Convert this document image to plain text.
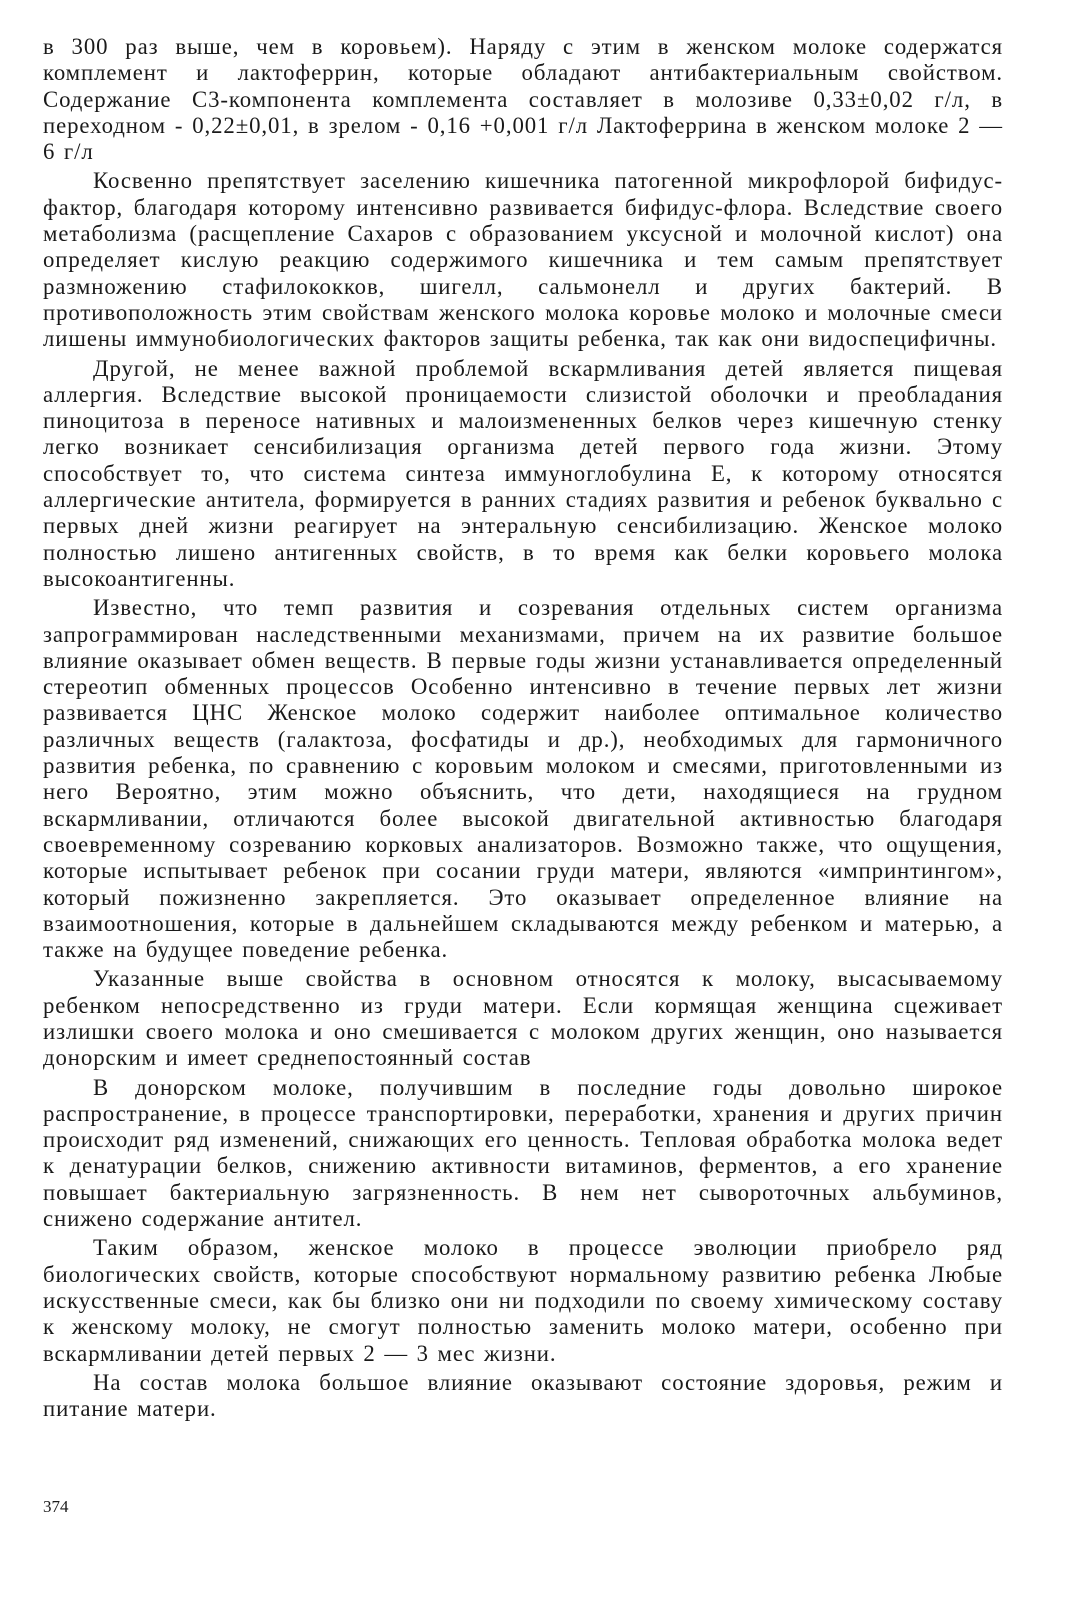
в 300 раз выше, чем в коровьем). Наряду с этим в женском молоке содержатся комплемент и лактоферрин, которые обладают антибактериальным свойством. Содержание С3-компонента комплемента составляет в молозиве 0,33±0,02 г/л, в переходном - 0,22±0,01, в зрелом - 0,16 +0,001 г/л Лактоферрина в женском молоке 2 — 6 г/л

Косвенно препятствует заселению кишечника патогенной микрофлорой бифидус-фактор, благодаря которому интенсивно развивается бифидус-флора. Вследствие своего метаболизма (расщепление Сахаров с образованием уксусной и молочной кислот) она определяет кислую реакцию содержимого кишечника и тем самым препятствует размножению стафилококков, шигелл, сальмонелл и других бактерий. В противоположность этим свойствам женского молока коровье молоко и молочные смеси лишены иммунобиологических факторов защиты ребенка, так как они видоспецифичны.

Другой, не менее важной проблемой вскармливания детей является пищевая аллергия. Вследствие высокой проницаемости слизистой оболочки и преобладания пиноцитоза в переносе нативных и малоизмененных белков через кишечную стенку легко возникает сенсибилизация организма детей первого года жизни. Этому способствует то, что система синтеза иммуноглобулина Е, к которому относятся аллергические антитела, формируется в ранних стадиях развития и ребенок буквально с первых дней жизни реагирует на энтеральную сенсибилизацию. Женское молоко полностью лишено антигенных свойств, в то время как белки коровьего молока высокоантигенны.

Известно, что темп развития и созревания отдельных систем организма запрограммирован наследственными механизмами, причем на их развитие большое влияние оказывает обмен веществ. В первые годы жизни устанавливается определенный стереотип обменных процессов Особенно интенсивно в течение первых лет жизни развивается ЦНС Женское молоко содержит наиболее оптимальное количество различных веществ (галактоза, фосфатиды и др.), необходимых для гармоничного развития ребенка, по сравнению с коровьим молоком и смесями, приготовленными из него Вероятно, этим можно объяснить, что дети, находящиеся на грудном вскармливании, отличаются более высокой двигательной активностью благодаря своевременному созреванию корковых анализаторов. Возможно также, что ощущения, которые испытывает ребенок при сосании груди матери, являются «импринтингом», который пожизненно закрепляется. Это оказывает определенное влияние на взаимоотношения, которые в дальнейшем складываются между ребенком и матерью, а также на будущее поведение ребенка.

Указанные выше свойства в основном относятся к молоку, высасываемому ребенком непосредственно из груди матери. Если кормящая женщина сцеживает излишки своего молока и оно смешивается с молоком других женщин, оно называется донорским и имеет среднепостоянный состав

В донорском молоке, получившим в последние годы довольно широкое распространение, в процессе транспортировки, переработки, хранения и других причин происходит ряд изменений, снижающих его ценность. Тепловая обработка молока ведет к денатурации белков, снижению активности витаминов, ферментов, а его хранение повышает бактериальную загрязненность. В нем нет сывороточных альбуминов, снижено содержание антител.

Таким образом, женское молоко в процессе эволюции приобрело ряд биологических свойств, которые способствуют нормальному развитию ребенка Любые искусственные смеси, как бы близко они ни подходили по своему химическому составу к женскому молоку, не смогут полностью заменить молоко матери, особенно при вскармливании детей первых 2 — 3 мес жизни.

На состав молока большое влияние оказывают состояние здоровья, режим и питание матери.

374
